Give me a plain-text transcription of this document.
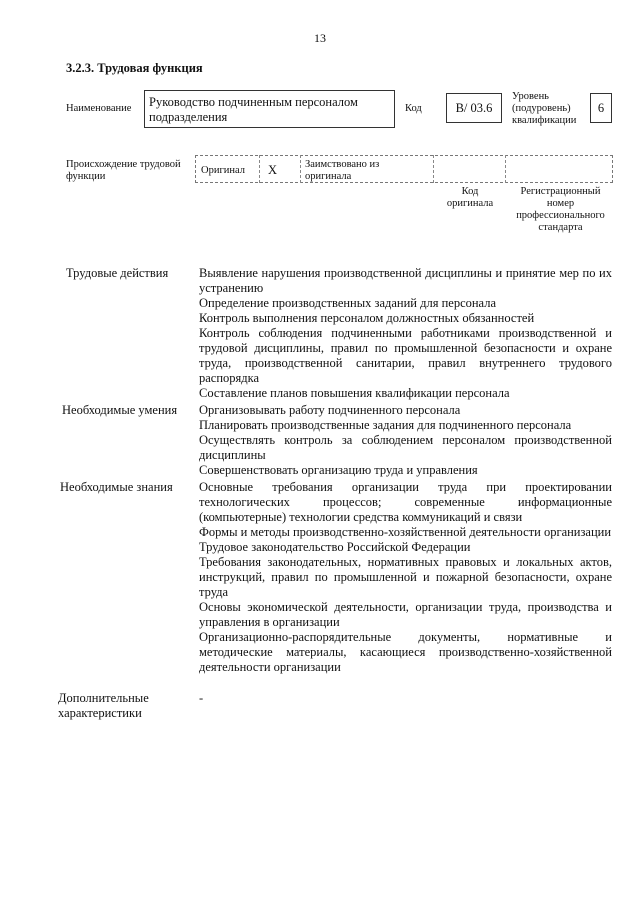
13
3.2.3. Трудовая функция
Наименование Руководство подчиненным персоналом подразделения
Код	B/ 03.6
Уровень (подуровень) квалификации
6
Происхождение трудовой функции
Оригинал X	Заимствовано из оригинала
Код оригинала
Регистрационный номер профессионального стандарта
Трудовые действия Выявление нарушения производственной дисциплины и принятие мер по их устранению

Определение производственных заданий для персонала

Контроль выполнения персоналом должностных обязанностей

Контроль соблюдения подчиненными работниками производственной и трудовой дисциплины, правил по промышленной безопасности и охране труда, производственной санитарии, правил внутреннего трудового распорядка

Составление планов повышения квалификации персонала

Необходимые умения Организовывать работу подчиненного персонала

Планировать производственные задания для подчиненного персонала

Осуществлять контроль за соблюдением персоналом производственной дисциплины

Совершенствовать организацию труда и управления

Необходимые знания Основные требования организации труда при проектировании технологических процессов; современные информационные (компьютерные) технологии средства коммуникаций и связи

Формы и методы производственно-хозяйственной деятельности организации

Трудовое законодательство Российской Федерации

Требования законодательных, нормативных правовых и локальных актов, инструкций, правил по промышленной и пожарной безопасности, охране труда

Основы экономической деятельности, организации труда, производства и управления в организации

Организационно-распорядительные документы, нормативные и методические материалы, касающиеся производственно-хозяйственной деятельности организации

Дополнительные характеристики

-
